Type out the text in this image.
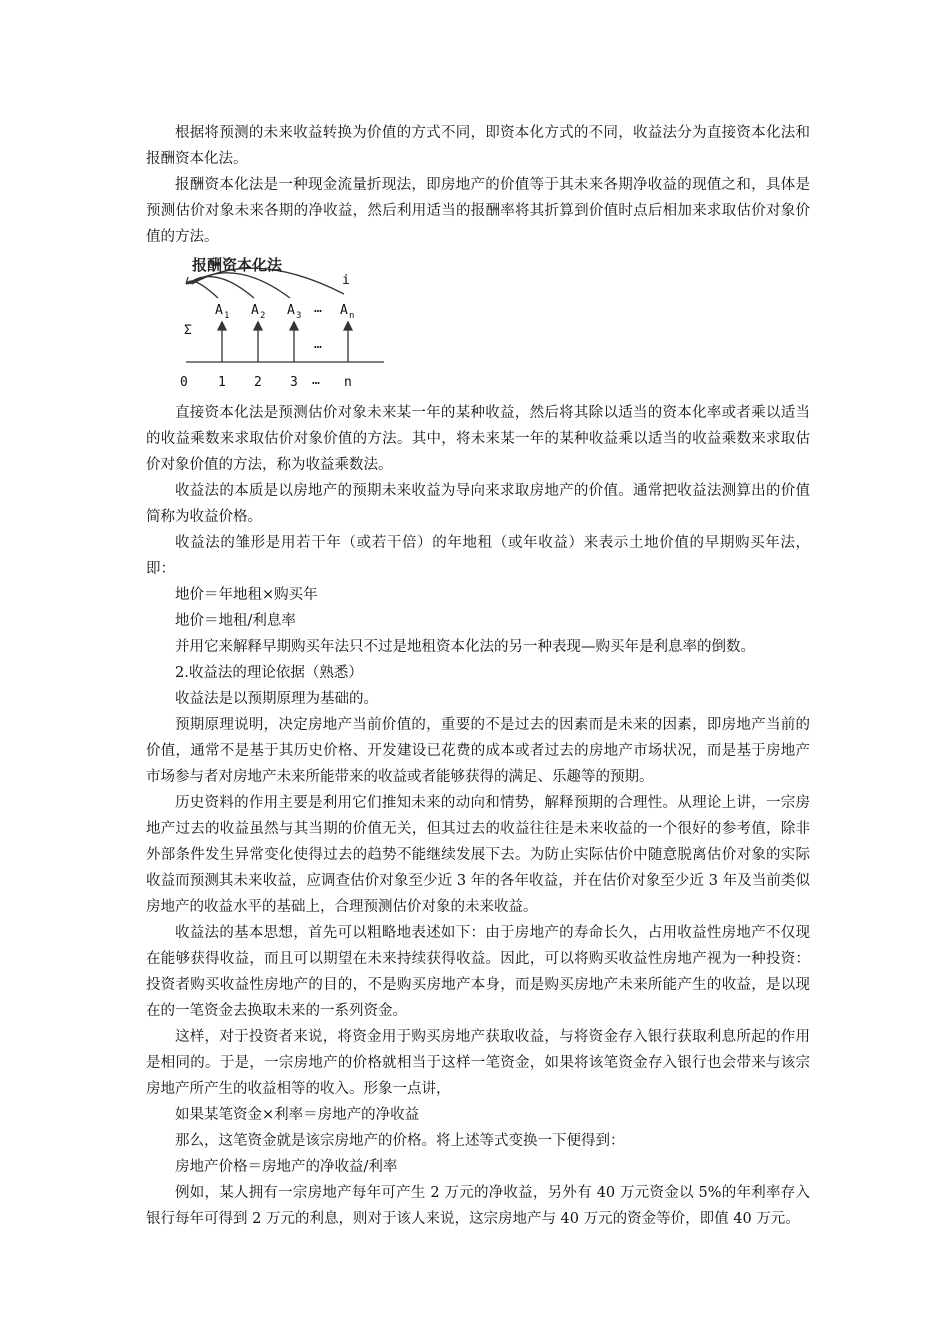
根据将预测的未来收益转换为价值的方式不同，即资本化方式的不同，收益法分为直接资本化法和报酬资本化法。

报酬资本化法是一种现金流量折现法，即房地产的价值等于其未来各期净收益的现值之和，具体是预测估价对象未来各期的净收益，然后利用适当的报酬率将其折算到价值时点后相加来求取估价对象价值的方法。

i
A 1 A 2 A 3 … A n
Σ
…
0 1 2 3 … n
报酬资本化法

直接资本化法是预测估价对象未来某一年的某种收益，然后将其除以适当的资本化率或者乘以适当的收益乘数来求取估价对象价值的方法。其中，将未来某一年的某种收益乘以适当的收益乘数来求取估价对象价值的方法，称为收益乘数法。

收益法的本质是以房地产的预期未来收益为导向来求取房地产的价值。通常把收益法测算出的价值简称为收益价格。

收益法的雏形是用若干年（或若干倍）的年地租（或年收益）来表示土地价值的早期购买年法，即：

地价＝年地租×购买年

地价＝地租/利息率

并用它来解释早期购买年法只不过是地租资本化法的另一种表现—购买年是利息率的倒数。

2.收益法的理论依据（熟悉）

收益法是以预期原理为基础的。

预期原理说明，决定房地产当前价值的，重要的不是过去的因素而是未来的因素，即房地产当前的价值，通常不是基于其历史价格、开发建设已花费的成本或者过去的房地产市场状况，而是基于房地产市场参与者对房地产未来所能带来的收益或者能够获得的满足、乐趣等的预期。

历史资料的作用主要是利用它们推知未来的动向和情势，解释预期的合理性。从理论上讲，一宗房地产过去的收益虽然与其当期的价值无关，但其过去的收益往往是未来收益的一个很好的参考值，除非外部条件发生异常变化使得过去的趋势不能继续发展下去。为防止实际估价中随意脱离估价对象的实际收益而预测其未来收益，应调查估价对象至少近 3 年的各年收益，并在估价对象至少近 3 年及当前类似房地产的收益水平的基础上，合理预测估价对象的未来收益。

收益法的基本思想，首先可以粗略地表述如下：由于房地产的寿命长久，占用收益性房地产不仅现在能够获得收益，而且可以期望在未来持续获得收益。因此，可以将购买收益性房地产视为一种投资：投资者购买收益性房地产的目的，不是购买房地产本身，而是购买房地产未来所能产生的收益，是以现在的一笔资金去换取未来的一系列资金。

这样，对于投资者来说，将资金用于购买房地产获取收益，与将资金存入银行获取利息所起的作用是相同的。于是，一宗房地产的价格就相当于这样一笔资金，如果将该笔资金存入银行也会带来与该宗房地产所产生的收益相等的收入。形象一点讲，

如果某笔资金×利率＝房地产的净收益

那么，这笔资金就是该宗房地产的价格。将上述等式变换一下便得到：

房地产价格＝房地产的净收益/利率

例如，某人拥有一宗房地产每年可产生 2 万元的净收益，另外有 40 万元资金以 5%的年利率存入银行每年可得到 2 万元的利息，则对于该人来说，这宗房地产与 40 万元的资金等价，即值 40 万元。
